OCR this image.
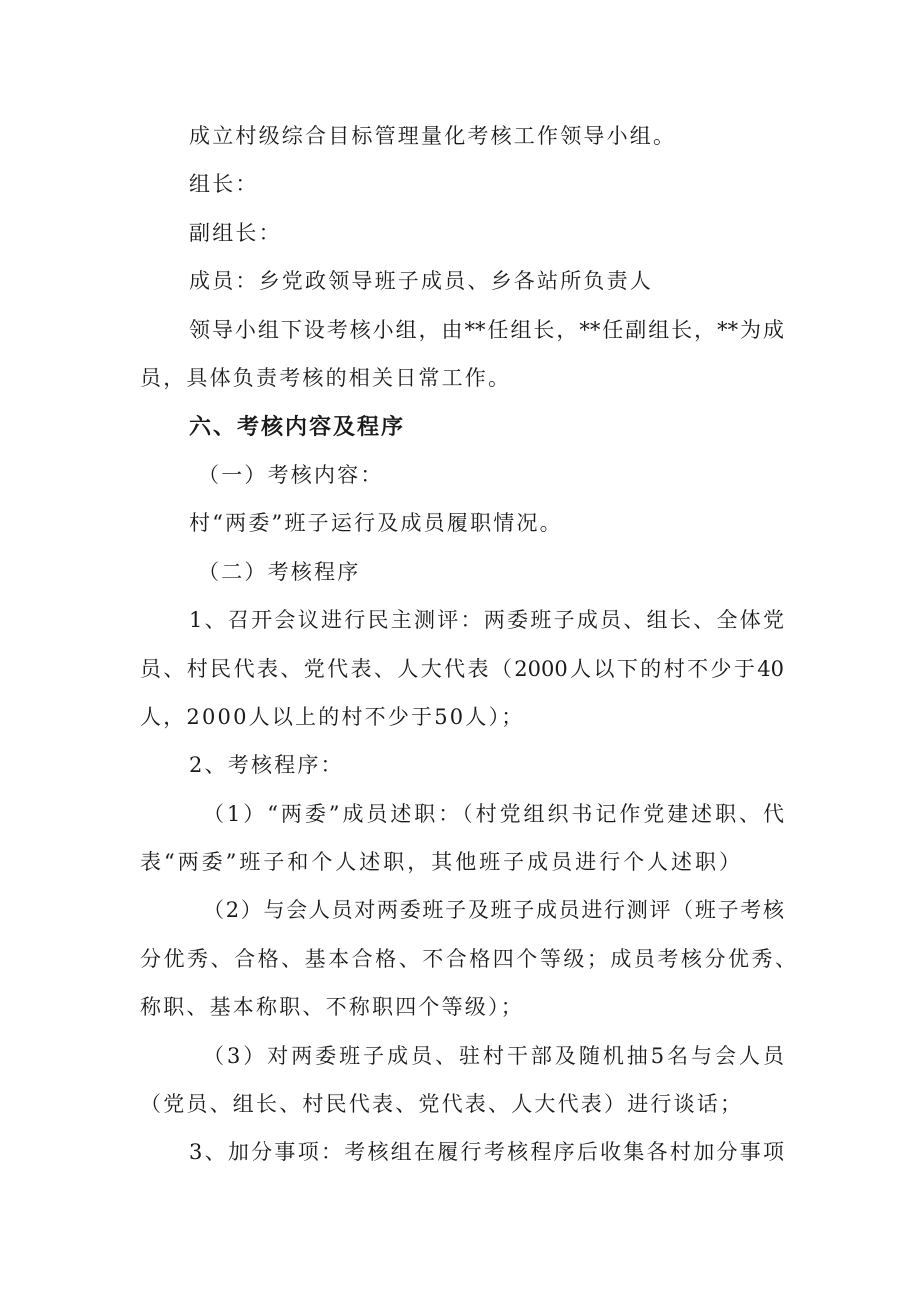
成立村级综合目标管理量化考核工作领导小组。
组长：
副组长：
成员：乡党政领导班子成员、乡各站所负责人
领导小组下设考核小组，由**任组长，**任副组长，**为成
员，具体负责考核的相关日常工作。
六、考核内容及程序
（一）考核内容：
村“两委”班子运行及成员履职情况。
（二）考核程序
1、召开会议进行民主测评：两委班子成员、组长、全体党
员、村民代表、党代表、人大代表（2000人以下的村不少于40
人，2000人以上的村不少于50人）；
2、考核程序：
（1）“两委”成员述职：（村党组织书记作党建述职、代
表“两委”班子和个人述职，其他班子成员进行个人述职）
（2）与会人员对两委班子及班子成员进行测评（班子考核
分优秀、合格、基本合格、不合格四个等级；成员考核分优秀、
称职、基本称职、不称职四个等级）；
（3）对两委班子成员、驻村干部及随机抽5名与会人员
（党员、组长、村民代表、党代表、人大代表）进行谈话；
3、加分事项：考核组在履行考核程序后收集各村加分事项
